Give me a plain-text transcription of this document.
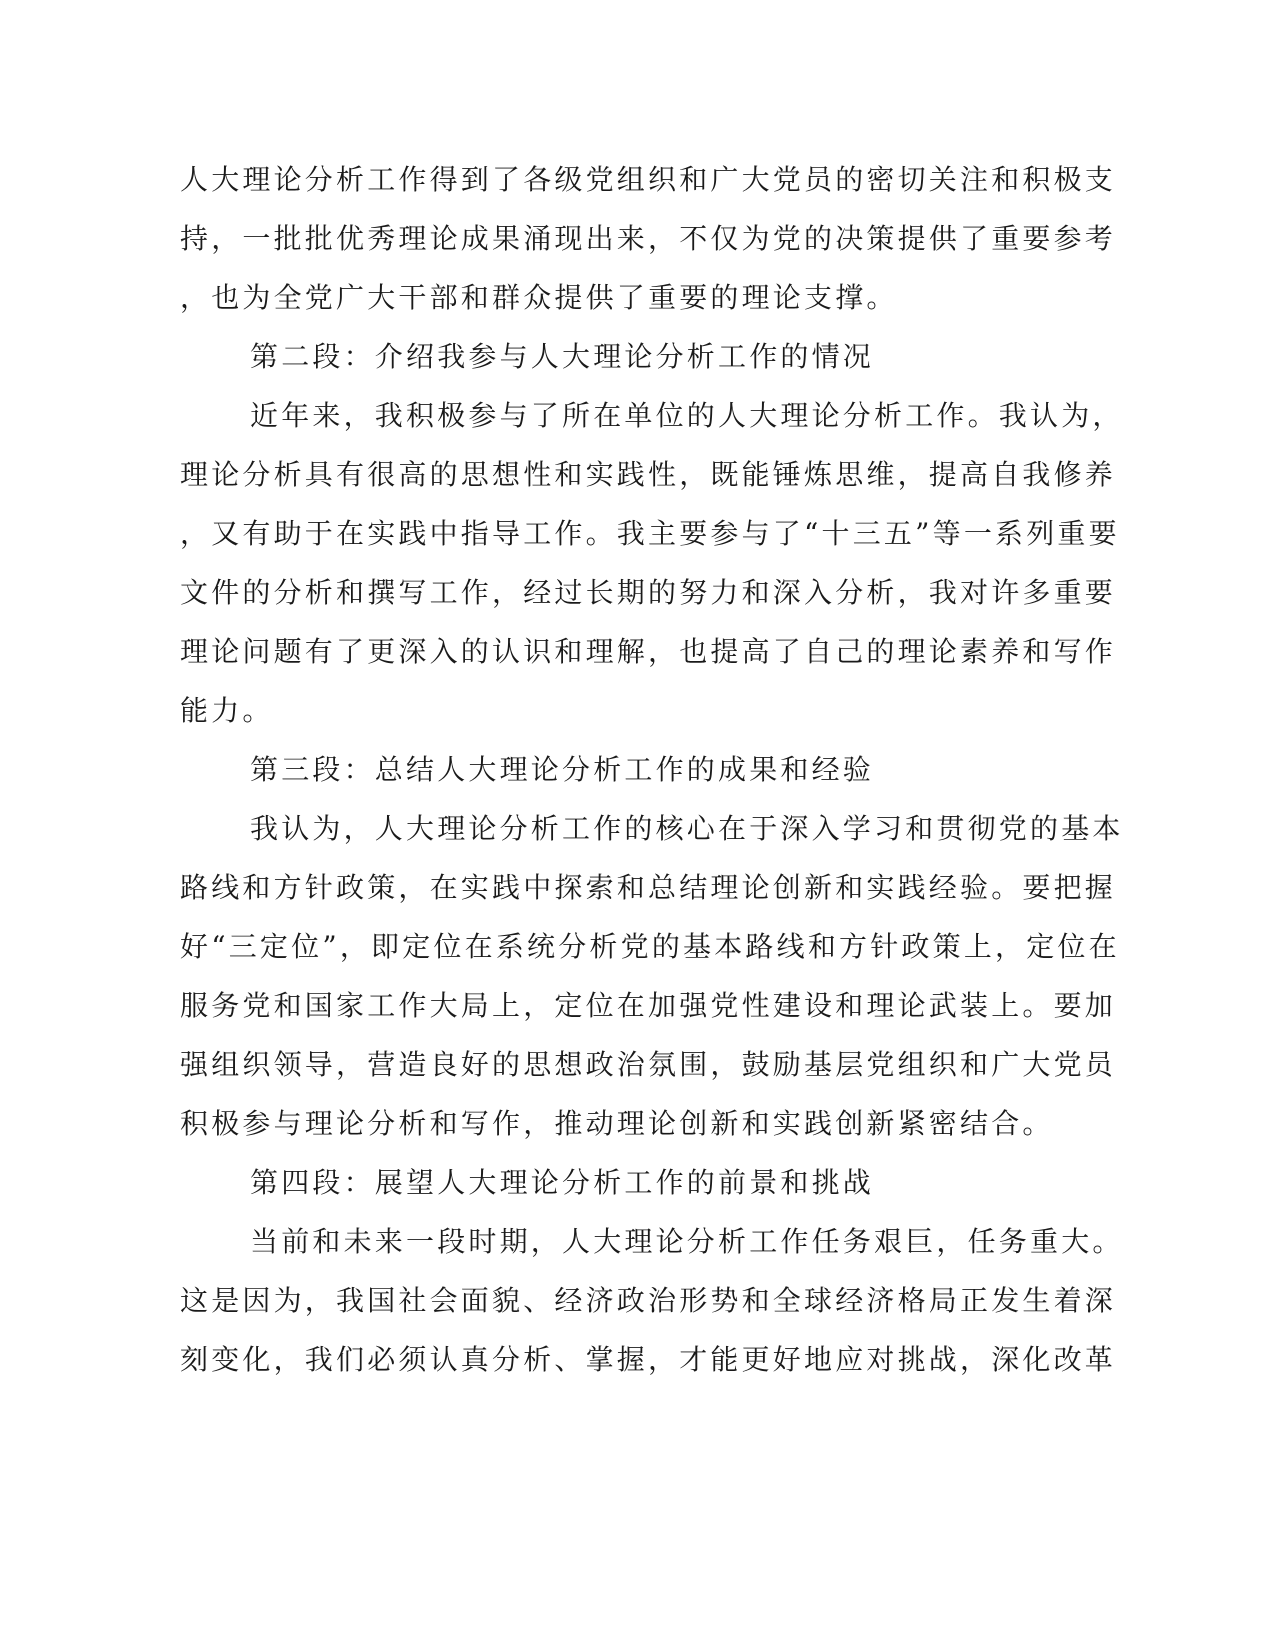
人大理论分析工作得到了各级党组织和广大党员的密切关注和积极支
持，一批批优秀理论成果涌现出来，不仅为党的决策提供了重要参考
，也为全党广大干部和群众提供了重要的理论支撑。
第二段：介绍我参与人大理论分析工作的情况
近年来，我积极参与了所在单位的人大理论分析工作。我认为，
理论分析具有很高的思想性和实践性，既能锤炼思维，提高自我修养
，又有助于在实践中指导工作。我主要参与了“十三五”等一系列重要
文件的分析和撰写工作，经过长期的努力和深入分析，我对许多重要
理论问题有了更深入的认识和理解，也提高了自己的理论素养和写作
能力。
第三段：总结人大理论分析工作的成果和经验
我认为，人大理论分析工作的核心在于深入学习和贯彻党的基本
路线和方针政策，在实践中探索和总结理论创新和实践经验。要把握
好“三定位”，即定位在系统分析党的基本路线和方针政策上，定位在
服务党和国家工作大局上，定位在加强党性建设和理论武装上。要加
强组织领导，营造良好的思想政治氛围，鼓励基层党组织和广大党员
积极参与理论分析和写作，推动理论创新和实践创新紧密结合。
第四段：展望人大理论分析工作的前景和挑战
当前和未来一段时期，人大理论分析工作任务艰巨，任务重大。
这是因为，我国社会面貌、经济政治形势和全球经济格局正发生着深
刻变化，我们必须认真分析、掌握，才能更好地应对挑战，深化改革
